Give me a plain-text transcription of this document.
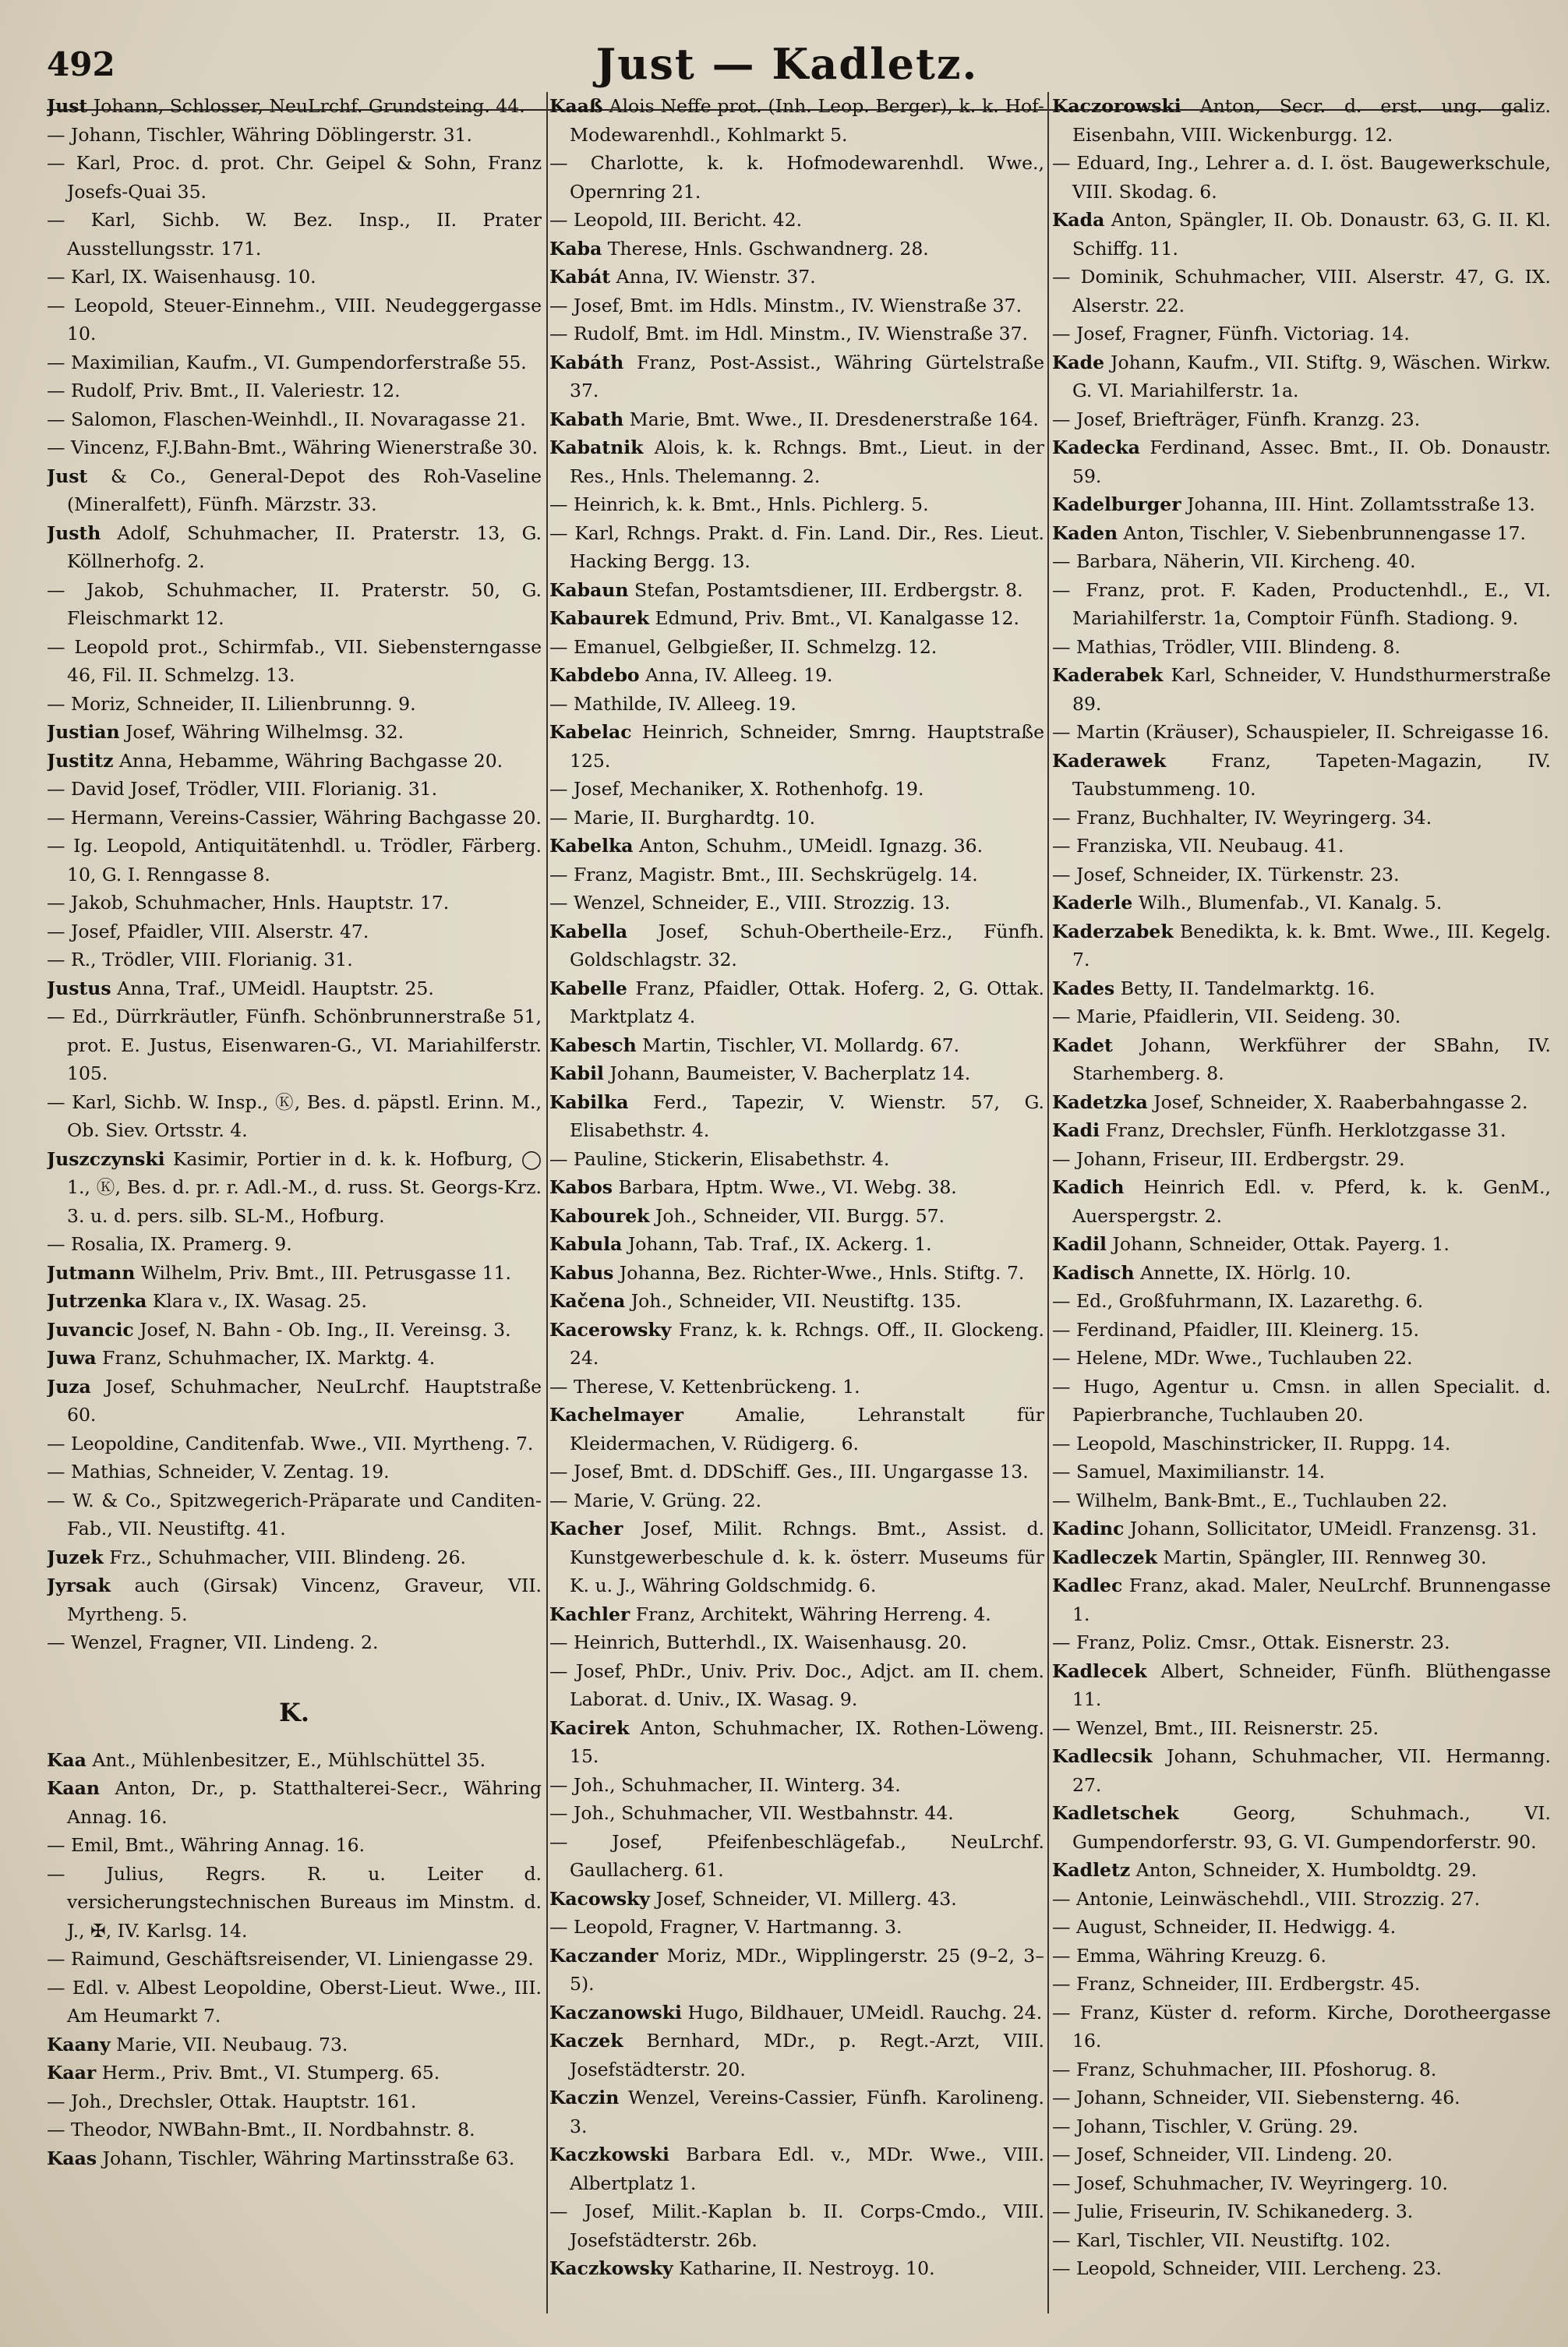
492	Just — Kadletz.
Just Johann, Schlosser, NeuLrchf. Grundsteing. 44.
— Johann, Tischler, Währing Döblingerstr. 31.
— Karl, Proc. d. prot. Chr. Geipel & Sohn, Franz Josefs-Quai 35.
— Karl, Sichb. W. Bez. Insp., II. Prater Ausstellungsstr. 171.
— Karl, IX. Waisenhausg. 10.
— Leopold, Steuer-Einnehm., VIII. Neudeggergasse 10.
— Maximilian, Kaufm., VI. Gumpendorferstraße 55.
— Rudolf, Priv. Bmt., II. Valeriestr. 12.
— Salomon, Flaschen-Weinhdl., II. Novaragasse 21.
— Vincenz, F.J.Bahn-Bmt., Währing Wienerstraße 30.
Just & Co., General-Depot des Roh-Vaseline (Mineralfett), Fünfh. Märzstr. 33.
Justh Adolf, Schuhmacher, II. Praterstr. 13, G. Köllnerhofg. 2.
— Jakob, Schuhmacher, II. Praterstr. 50, G. Fleischmarkt 12.
— Leopold prot., Schirmfab., VII. Siebensterngasse 46, Fil. II. Schmelzg. 13.
— Moriz, Schneider, II. Lilienbrunng. 9.
Justian Josef, Währing Wilhelmsg. 32.
Justitz Anna, Hebamme, Währing Bachgasse 20.
— David Josef, Trödler, VIII. Florianig. 31.
— Hermann, Vereins-Cassier, Währing Bachgasse 20.
— Ig. Leopold, Antiquitätenhdl. u. Trödler, Färberg. 10, G. I. Renngasse 8.
— Jakob, Schuhmacher, Hnls. Hauptstr. 17.
— Josef, Pfaidler, VIII. Alserstr. 47.
— R., Trödler, VIII. Florianig. 31.
Justus Anna, Traf., UMeidl. Hauptstr. 25.
— Ed., Dürrkräutler, Fünfh. Schönbrunnerstraße 51, prot. E. Justus, Eisenwaren-G., VI. Mariahilferstr. 105.
— Karl, Sichb. W. Insp., Ⓚ, Bes. d. päpstl. Erinn. M., Ob. Siev. Ortsstr. 4.
Juszczynski Kasimir, Portier in d. k. k. Hofburg, ◯ 1., Ⓚ, Bes. d. pr. r. Adl.-M., d. russ. St. Georgs-Krz. 3. u. d. pers. silb. SL-M., Hofburg.
— Rosalia, IX. Pramerg. 9.
Jutmann Wilhelm, Priv. Bmt., III. Petrusgasse 11.
Jutrzenka Klara v., IX. Wasag. 25.
Juvancic Josef, N. Bahn - Ob. Ing., II. Vereinsg. 3.
Juwa Franz, Schuhmacher, IX. Marktg. 4.
Juza Josef, Schuhmacher, NeuLrchf. Hauptstraße 60.
— Leopoldine, Canditenfab. Wwe., VII. Myrtheng. 7.
— Mathias, Schneider, V. Zentag. 19.
— W. & Co., Spitzwegerich-Präparate und Canditen-Fab., VII. Neustiftg. 41.
Juzek Frz., Schuhmacher, VIII. Blindeng. 26.
Jyrsak auch (Girsak) Vincenz, Graveur, VII. Myrtheng. 5.
— Wenzel, Fragner, VII. Lindeng. 2.
K.
Kaa Ant., Mühlenbesitzer, E., Mühlschüttel 35.
Kaan Anton, Dr., p. Statthalterei-Secr., Währing Annag. 16.
— Emil, Bmt., Währing Annag. 16.
— Julius, Regrs. R. u. Leiter d. versicherungstechnischen Bureaus im Minstm. d. J., ✠, IV. Karlsg. 14.
— Raimund, Geschäftsreisender, VI. Liniengasse 29.
— Edl. v. Albest Leopoldine, Oberst-Lieut. Wwe., III. Am Heumarkt 7.
Kaany Marie, VII. Neubaug. 73.
Kaar Herm., Priv. Bmt., VI. Stumperg. 65.
— Joh., Drechsler, Ottak. Hauptstr. 161.
— Theodor, NWBahn-Bmt., II. Nordbahnstr. 8.
Kaas Johann, Tischler, Währing Martinsstraße 63.
Kaaß Alois Neffe prot. (Inh. Leop. Berger), k. k. Hof-Modewarenhdl., Kohlmarkt 5.
— Charlotte, k. k. Hofmodewarenhdl. Wwe., Opernring 21.
— Leopold, III. Bericht. 42.
Kaba Therese, Hnls. Gschwandnerg. 28.
Kabát Anna, IV. Wienstr. 37.
— Josef, Bmt. im Hdls. Minstm., IV. Wienstraße 37.
— Rudolf, Bmt. im Hdl. Minstm., IV. Wienstraße 37.
Kabáth Franz, Post-Assist., Währing Gürtelstraße 37.
Kabath Marie, Bmt. Wwe., II. Dresdenerstraße 164.
Kabatnik Alois, k. k. Rchngs. Bmt., Lieut. in der Res., Hnls. Thelemanng. 2.
— Heinrich, k. k. Bmt., Hnls. Pichlerg. 5.
— Karl, Rchngs. Prakt. d. Fin. Land. Dir., Res. Lieut. Hacking Bergg. 13.
Kabaun Stefan, Postamtsdiener, III. Erdbergstr. 8.
Kabaurek Edmund, Priv. Bmt., VI. Kanalgasse 12.
— Emanuel, Gelbgießer, II. Schmelzg. 12.
Kabdebo Anna, IV. Alleeg. 19.
— Mathilde, IV. Alleeg. 19.
Kabelac Heinrich, Schneider, Smrng. Hauptstraße 125.
— Josef, Mechaniker, X. Rothenhofg. 19.
— Marie, II. Burghardtg. 10.
Kabelka Anton, Schuhm., UMeidl. Ignazg. 36.
— Franz, Magistr. Bmt., III. Sechskrügelg. 14.
— Wenzel, Schneider, E., VIII. Strozzig. 13.
Kabella Josef, Schuh-Obertheile-Erz., Fünfh. Goldschlagstr. 32.
Kabelle Franz, Pfaidler, Ottak. Hoferg. 2, G. Ottak. Marktplatz 4.
Kabesch Martin, Tischler, VI. Mollardg. 67.
Kabil Johann, Baumeister, V. Bacherplatz 14.
Kabilka Ferd., Tapezir, V. Wienstr. 57, G. Elisabethstr. 4.
— Pauline, Stickerin, Elisabethstr. 4.
Kabos Barbara, Hptm. Wwe., VI. Webg. 38.
Kabourek Joh., Schneider, VII. Burgg. 57.
Kabula Johann, Tab. Traf., IX. Ackerg. 1.
Kabus Johanna, Bez. Richter-Wwe., Hnls. Stiftg. 7.
Kačena Joh., Schneider, VII. Neustiftg. 135.
Kacerowsky Franz, k. k. Rchngs. Off., II. Glockeng. 24.
— Therese, V. Kettenbrückeng. 1.
Kachelmayer	Amalie, Lehranstalt für Kleidermachen, V. Rüdigerg. 6.
— Josef, Bmt. d. DDSchiff. Ges., III. Ungargasse 13.
— Marie, V. Grüng. 22.
Kacher Josef, Milit. Rchngs. Bmt., Assist. d. Kunstgewerbeschule d. k. k. österr. Museums für K. u. J., Währing Goldschmidg. 6.
Kachler Franz, Architekt, Währing Herreng. 4.
— Heinrich, Butterhdl., IX. Waisenhausg. 20.
— Josef, PhDr., Univ. Priv. Doc., Adjct. am II. chem. Laborat. d. Univ., IX. Wasag. 9.
Kacirek Anton, Schuhmacher, IX. Rothen-Löweng. 15.
— Joh., Schuhmacher, II. Winterg. 34.
— Joh., Schuhmacher, VII. Westbahnstr. 44.
— Josef, Pfeifenbeschlägefab., NeuLrchf. Gaullacherg. 61.
Kacowsky Josef, Schneider, VI. Millerg. 43.
— Leopold, Fragner, V. Hartmanng. 3.
Kaczander Moriz, MDr., Wipplingerstr. 25 (9–2, 3–5).
Kaczanowski Hugo, Bildhauer, UMeidl. Rauchg. 24.
Kaczek Bernhard, MDr., p. Regt.-Arzt, VIII. Josefstädterstr. 20.
Kaczin Wenzel, Vereins-Cassier, Fünfh. Karolineng. 3.
Kaczkowski Barbara Edl. v., MDr. Wwe., VIII. Albertplatz 1.
— Josef, Milit.-Kaplan b. II. Corps-Cmdo., VIII. Josefstädterstr. 26b.
Kaczkowsky Katharine, II. Nestroyg. 10.
Kaczorowski Anton, Secr. d. erst. ung. galiz. Eisenbahn, VIII. Wickenburgg. 12.
— Eduard, Ing., Lehrer a. d. I. öst. Baugewerkschule, VIII. Skodag. 6.
Kada Anton, Spängler, II. Ob. Donaustr. 63, G. II. Kl. Schiffg. 11.
— Dominik, Schuhmacher, VIII. Alserstr. 47, G. IX. Alserstr. 22.
— Josef, Fragner, Fünfh. Victoriag. 14.
Kade Johann, Kaufm., VII. Stiftg. 9, Wäschen. Wirkw. G. VI. Mariahilferstr. 1a.
— Josef, Briefträger, Fünfh. Kranzg. 23.
Kadecka Ferdinand, Assec. Bmt., II. Ob. Donaustr. 59.
Kadelburger Johanna, III. Hint. Zollamtsstraße 13.
Kaden Anton, Tischler, V. Siebenbrunnengasse 17.
— Barbara, Näherin, VII. Kircheng. 40.
— Franz, prot. F. Kaden, Productenhdl., E., VI. Mariahilferstr. 1a, Comptoir Fünfh. Stadiong. 9.
— Mathias, Trödler, VIII. Blindeng. 8.
Kaderabek Karl, Schneider, V. Hundsthurmerstraße 89.
— Martin (Kräuser), Schauspieler, II. Schreigasse 16.
Kaderawek Franz, Tapeten-Magazin, IV. Taubstummeng. 10.
— Franz, Buchhalter, IV. Weyringerg. 34.
— Franziska, VII. Neubaug. 41.
— Josef, Schneider, IX. Türkenstr. 23.
Kaderle Wilh., Blumenfab., VI. Kanalg. 5.
Kaderzabek Benedikta, k. k. Bmt. Wwe., III. Kegelg. 7.
Kades Betty, II. Tandelmarktg. 16.
— Marie, Pfaidlerin, VII. Seideng. 30.
Kadet Johann, Werkführer der SBahn, IV. Starhemberg. 8.
Kadetzka Josef, Schneider, X. Raaberbahngasse 2.
Kadi Franz, Drechsler, Fünfh. Herklotzgasse 31.
— Johann, Friseur, III. Erdbergstr. 29.
Kadich Heinrich Edl. v. Pferd, k. k. GenM., Auerspergstr. 2.
Kadil Johann, Schneider, Ottak. Payerg. 1.
Kadisch Annette, IX. Hörlg. 10.
— Ed., Großfuhrmann, IX. Lazarethg. 6.
— Ferdinand, Pfaidler, III. Kleinerg. 15.
— Helene, MDr. Wwe., Tuchlauben 22.
— Hugo, Agentur u. Cmsn. in allen Specialit. d. Papierbranche, Tuchlauben 20.
— Leopold, Maschinstricker, II. Ruppg. 14.
— Samuel, Maximilianstr. 14.
— Wilhelm, Bank-Bmt., E., Tuchlauben 22.
Kadinc Johann, Sollicitator, UMeidl. Franzensg. 31.
Kadleczek Martin, Spängler, III. Rennweg 30.
Kadlec Franz, akad. Maler, NeuLrchf. Brunnengasse 1.
— Franz, Poliz. Cmsr., Ottak. Eisnerstr. 23.
Kadlecek Albert, Schneider, Fünfh. Blüthengasse 11.
— Wenzel, Bmt., III. Reisnerstr. 25.
Kadlecsik Johann, Schuhmacher, VII. Hermanng. 27.
Kadletschek	Georg, Schuhmach., VI. Gumpendorferstr. 93, G. VI. Gumpendorferstr. 90.
Kadletz Anton, Schneider, X. Humboldtg. 29.
— Antonie, Leinwäschehdl., VIII. Strozzig. 27.
— August, Schneider, II. Hedwigg. 4.
— Emma, Währing Kreuzg. 6.
— Franz, Schneider, III. Erdbergstr. 45.
— Franz, Küster d. reform. Kirche, Dorotheergasse 16.
— Franz, Schuhmacher, III. Pfoshorug. 8.
— Johann, Schneider, VII. Siebensterng. 46.
— Johann, Tischler, V. Grüng. 29.
— Josef, Schneider, VII. Lindeng. 20.
— Josef, Schuhmacher, IV. Weyringerg. 10.
— Julie, Friseurin, IV. Schikanederg. 3.
— Karl, Tischler, VII. Neustiftg. 102.
— Leopold, Schneider, VIII. Lercheng. 23.
